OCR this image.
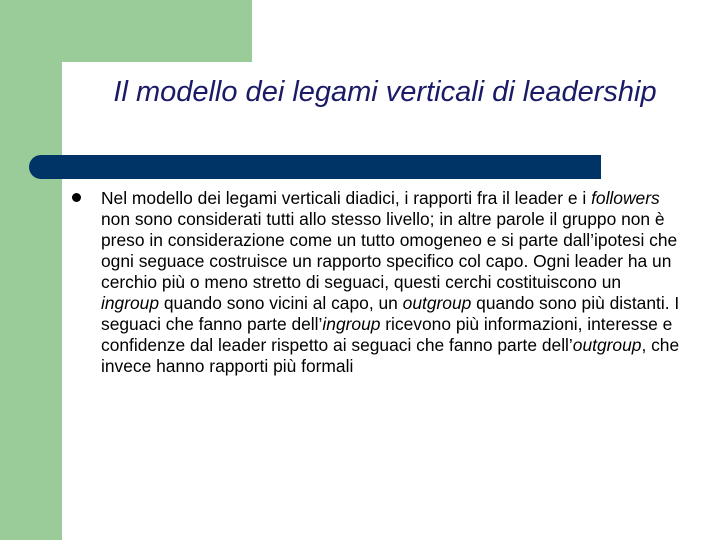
Il modello dei legami verticali di leadership

Nel modello dei legami verticali diadici, i rapporti fra il leader e i followers non sono considerati tutti allo stesso livello; in altre parole il gruppo non è preso in considerazione come un tutto omogeneo e si parte dall’ipotesi che ogni seguace costruisce un rapporto specifico col capo. Ogni leader ha un cerchio più o meno stretto di seguaci, questi cerchi costituiscono un ingroup quando sono vicini al capo, un outgroup quando sono più distanti. I seguaci che fanno parte dell’ingroup ricevono più informazioni, interesse e confidenze dal leader rispetto ai seguaci che fanno parte dell’outgroup, che invece hanno rapporti più formali
